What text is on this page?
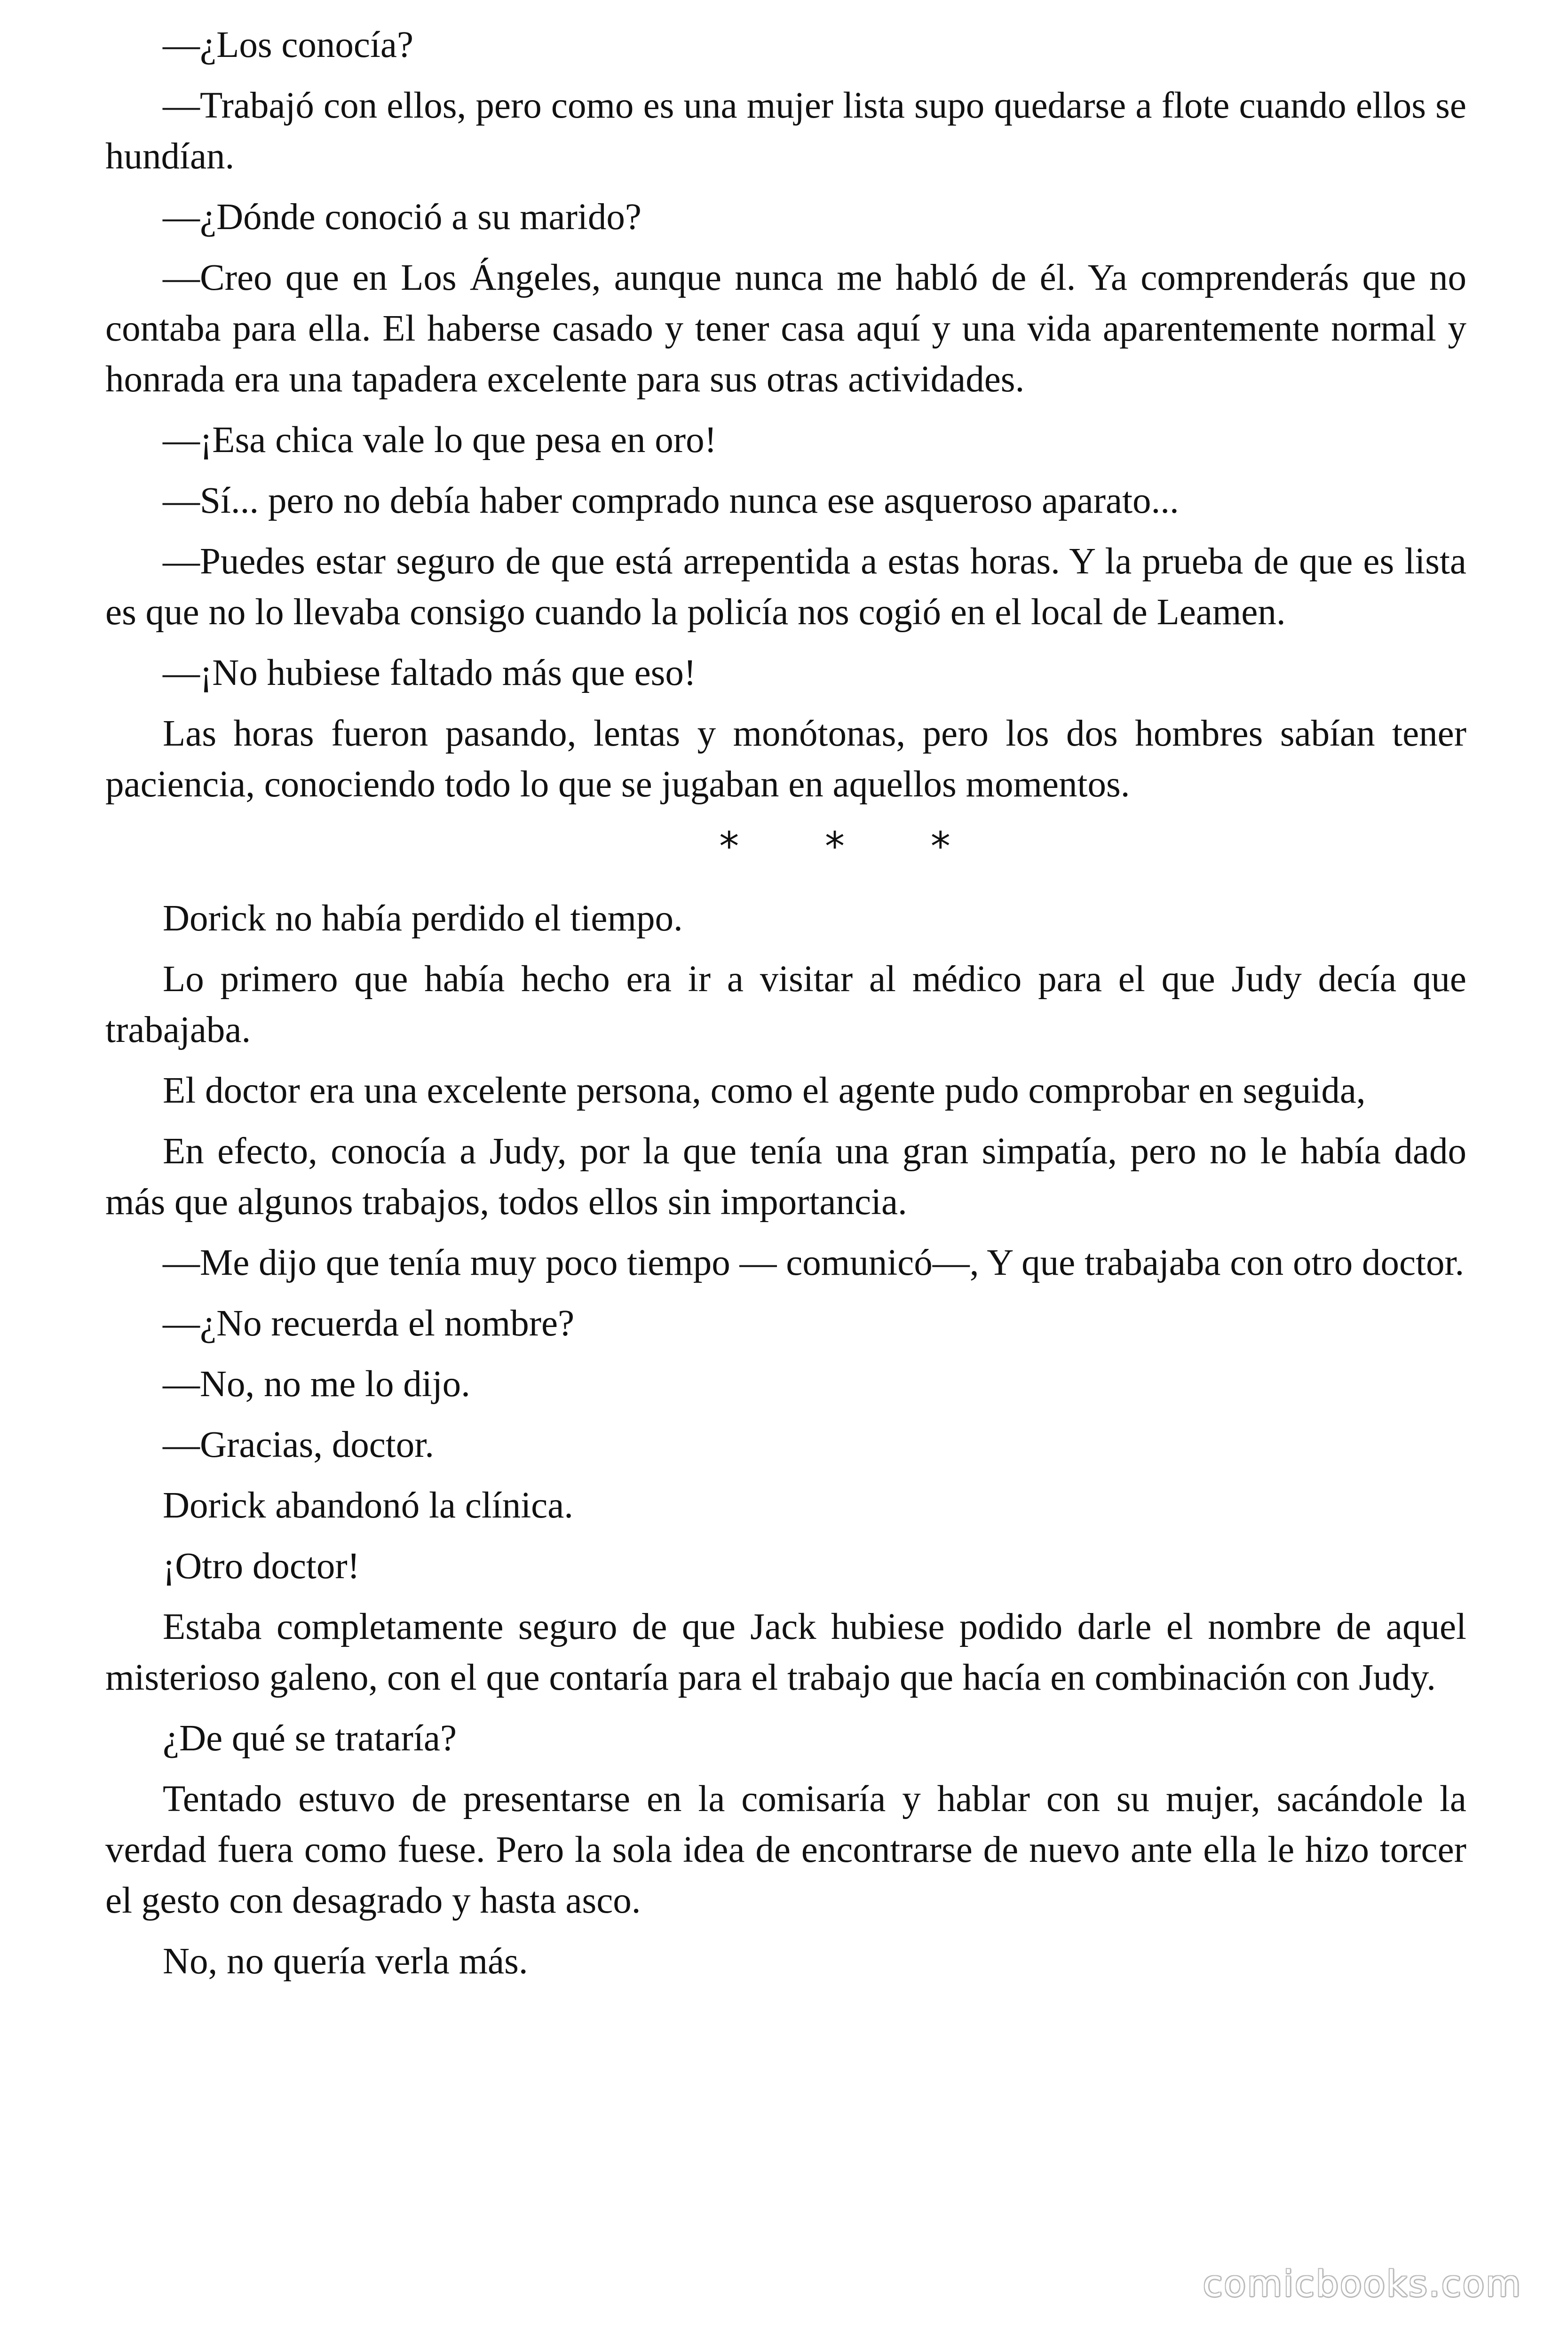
—¿Los conocía?

—Trabajó con ellos, pero como es una mujer lista supo quedarse a flote cuando ellos se hundían.

—¿Dónde conoció a su marido?

—Creo que en Los Ángeles, aunque nunca me habló de él. Ya comprenderás que no contaba para ella. El haberse casado y tener casa aquí y una vida aparentemente normal y honrada era una tapadera excelente para sus otras actividades.

—¡Esa chica vale lo que pesa en oro!

—Sí... pero no debía haber comprado nunca ese asqueroso aparato...

—Puedes estar seguro de que está arrepentida a estas horas. Y la prueba de que es lista es que no lo llevaba consigo cuando la policía nos cogió en el local de Leamen.

—¡No hubiese faltado más que eso!

Las horas fueron pasando, lentas y monótonas, pero los dos hombres sabían tener paciencia, conociendo todo lo que se jugaban en aquellos momentos.

* * *

Dorick no había perdido el tiempo.

Lo primero que había hecho era ir a visitar al médico para el que Judy decía que trabajaba.

El doctor era una excelente persona, como el agente pudo comprobar en seguida,

En efecto, conocía a Judy, por la que tenía una gran simpatía, pero no le había dado más que algunos trabajos, todos ellos sin importancia.

—Me dijo que tenía muy poco tiempo — comunicó—, Y que trabajaba con otro doctor.

—¿No recuerda el nombre?

—No, no me lo dijo.

—Gracias, doctor.

Dorick abandonó la clínica.

¡Otro doctor!

Estaba completamente seguro de que Jack hubiese podido darle el nombre de aquel misterioso galeno, con el que contaría para el trabajo que hacía en combinación con Judy.

¿De qué se trataría?

Tentado estuvo de presentarse en la comisaría y hablar con su mujer, sacándole la verdad fuera como fuese. Pero la sola idea de encontrarse de nuevo ante ella le hizo torcer el gesto con desagrado y hasta asco.

No, no quería verla más.

comicbooks.com
